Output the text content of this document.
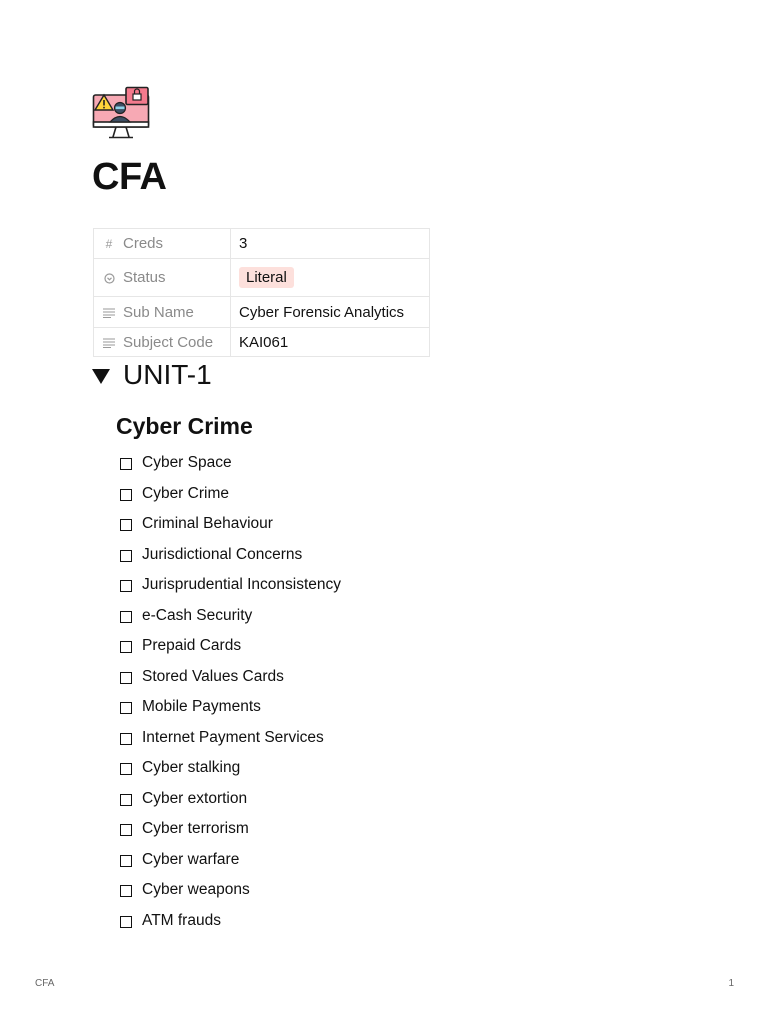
CFA
# Creds	3

Status	Literal

Sub Name	Cyber Forensic Analytics

Subject Code	KAI061
UNIT-1
Cyber Crime
Cyber Space
Cyber Crime
Criminal Behaviour
Jurisdictional Concerns
Jurisprudential Inconsistency
e-Cash Security
Prepaid Cards
Stored Values Cards
Mobile Payments
Internet Payment Services
Cyber stalking
Cyber extortion
Cyber terrorism
Cyber warfare
Cyber weapons
ATM frauds
CFA	1
